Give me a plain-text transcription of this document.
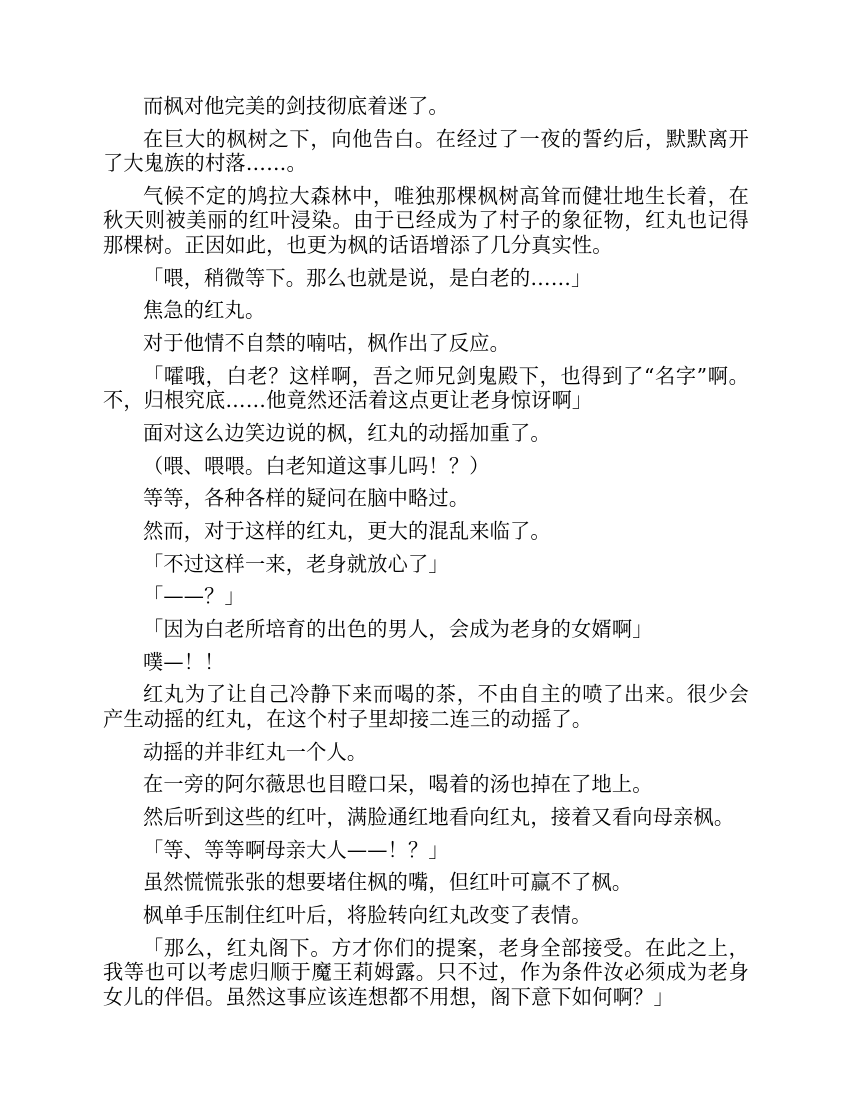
而枫对他完美的剑技彻底着迷了。

在巨大的枫树之下，向他告白。在经过了一夜的誓约后，默默离开了大鬼族的村落……。

气候不定的鸠拉大森林中，唯独那棵枫树高耸而健壮地生长着，在秋天则被美丽的红叶浸染。由于已经成为了村子的象征物，红丸也记得那棵树。正因如此，也更为枫的话语增添了几分真实性。

「喂，稍微等下。那么也就是说，是白老的……」

焦急的红丸。

对于他情不自禁的喃咕，枫作出了反应。

「嚯哦，白老？这样啊，吾之师兄剑鬼殿下，也得到了“名字”啊。不，归根究底……他竟然还活着这点更让老身惊讶啊」

面对这么边笑边说的枫，红丸的动摇加重了。

（喂、喂喂。白老知道这事儿吗！？）

等等，各种各样的疑问在脑中略过。

然而，对于这样的红丸，更大的混乱来临了。

「不过这样一来，老身就放心了」

「——？」

「因为白老所培育的出色的男人，会成为老身的女婿啊」

噗—！！

红丸为了让自己冷静下来而喝的茶，不由自主的喷了出来。很少会产生动摇的红丸，在这个村子里却接二连三的动摇了。

动摇的并非红丸一个人。

在一旁的阿尔薇思也目瞪口呆，喝着的汤也掉在了地上。

然后听到这些的红叶，满脸通红地看向红丸，接着又看向母亲枫。

「等、等等啊母亲大人——！？」

虽然慌慌张张的想要堵住枫的嘴，但红叶可赢不了枫。

枫单手压制住红叶后，将脸转向红丸改变了表情。

「那么，红丸阁下。方才你们的提案，老身全部接受。在此之上，我等也可以考虑归顺于魔王莉姆露。只不过，作为条件汝必须成为老身女儿的伴侣。虽然这事应该连想都不用想，阁下意下如何啊？」
